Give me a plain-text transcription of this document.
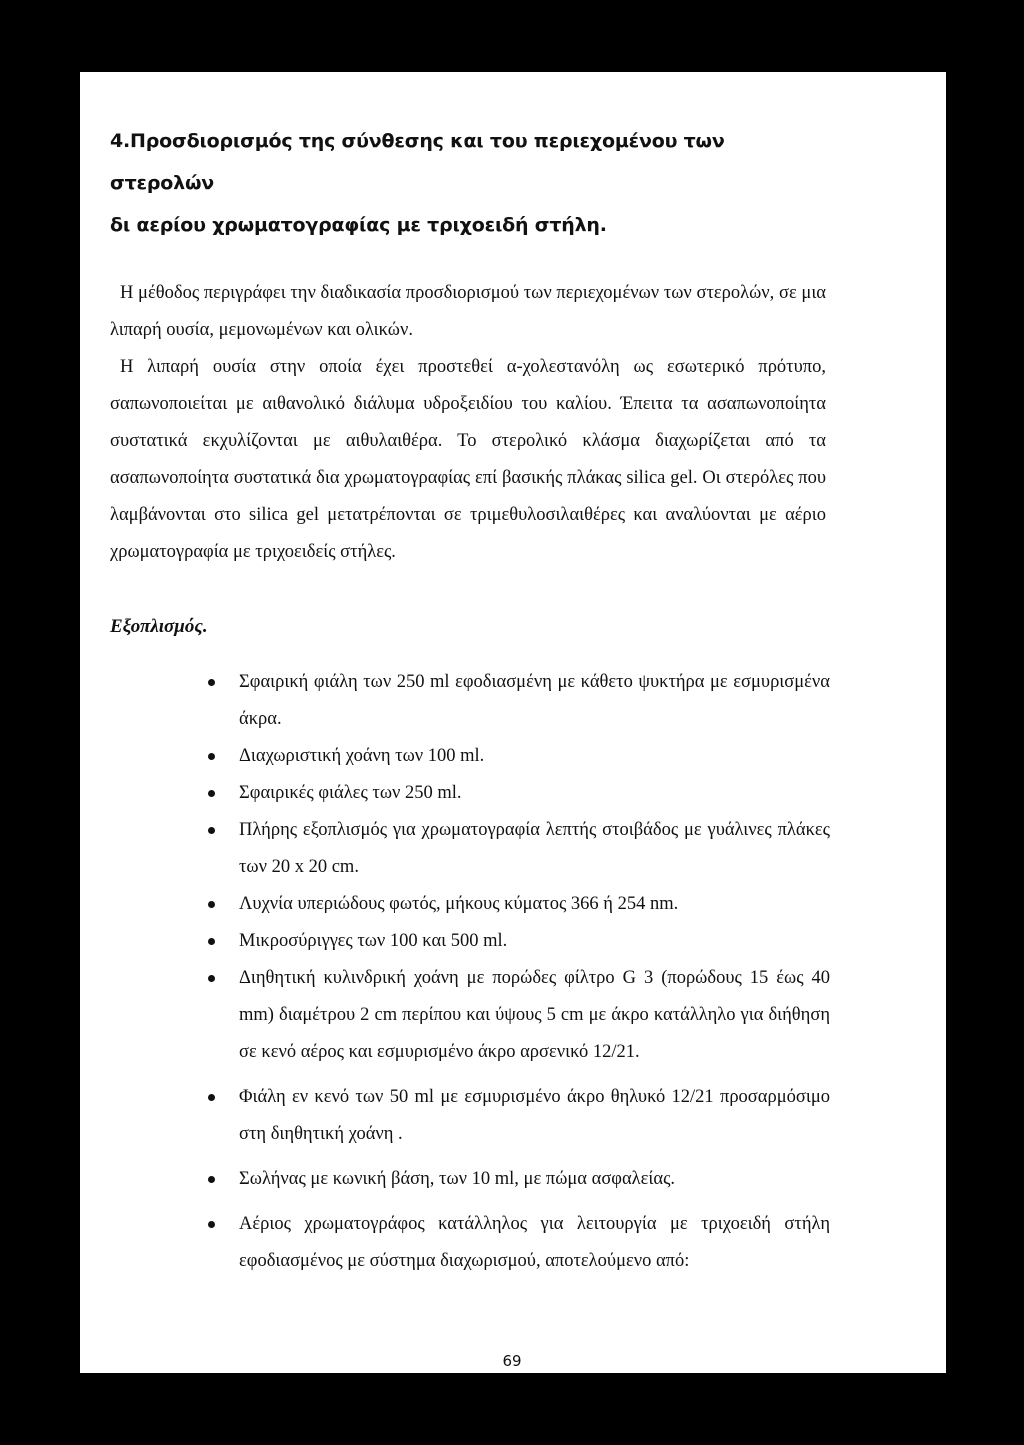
4.Προσδιορισμός της σύνθεσης και του περιεχομένου των στερολών
δι αερίου χρωματογραφίας με τριχοειδή στήλη.

Η μέθοδος περιγράφει την διαδικασία προσδιορισμού των περιεχομένων των στερολών, σε μια λιπαρή ουσία, μεμονωμένων και ολικών.

Η λιπαρή ουσία στην οποία έχει προστεθεί α-χολεστανόλη ως εσωτερικό πρότυπο, σαπωνοποιείται με αιθανολικό διάλυμα υδροξειδίου του καλίου. Έπειτα τα ασαπωνοποίητα συστατικά εκχυλίζονται με αιθυλαιθέρα. Το στερολικό κλάσμα διαχωρίζεται από τα ασαπωνοποίητα συστατικά δια χρωματογραφίας επί βασικής πλάκας silica gel. Οι στερόλες που λαμβάνονται στο silica gel μετατρέπονται σε τριμεθυλοσιλαιθέρες και αναλύονται με αέριο χρωματογραφία με τριχοειδείς στήλες.

Εξοπλισμός.

Σφαιρική φιάλη των 250 ml εφοδιασμένη με κάθετο ψυκτήρα με εσμυρισμένα άκρα.
Διαχωριστική χοάνη των 100 ml.
Σφαιρικές φιάλες των 250 ml.
Πλήρης εξοπλισμός για χρωματογραφία λεπτής στοιβάδος με γυάλινες πλάκες των 20 x 20 cm.
Λυχνία υπεριώδους φωτός, μήκους κύματος 366 ή 254 nm.
Μικροσύριγγες των 100 και 500 ml.
Διηθητική κυλινδρική χοάνη με πορώδες φίλτρο G 3 (πορώδους 15 έως 40 mm) διαμέτρου 2 cm περίπου και ύψους 5 cm με άκρο κατάλληλο για διήθηση σε κενό αέρος και εσμυρισμένο άκρο αρσενικό 12/21.
Φιάλη εν κενό των 50 ml με εσμυρισμένο άκρο θηλυκό 12/21 προσαρμόσιμο στη διηθητική χοάνη .
Σωλήνας με κωνική βάση, των 10 ml, με πώμα ασφαλείας.
Αέριος χρωματογράφος κατάλληλος για λειτουργία με τριχοειδή στήλη εφοδιασμένος με σύστημα διαχωρισμού, αποτελούμενο από:
69
